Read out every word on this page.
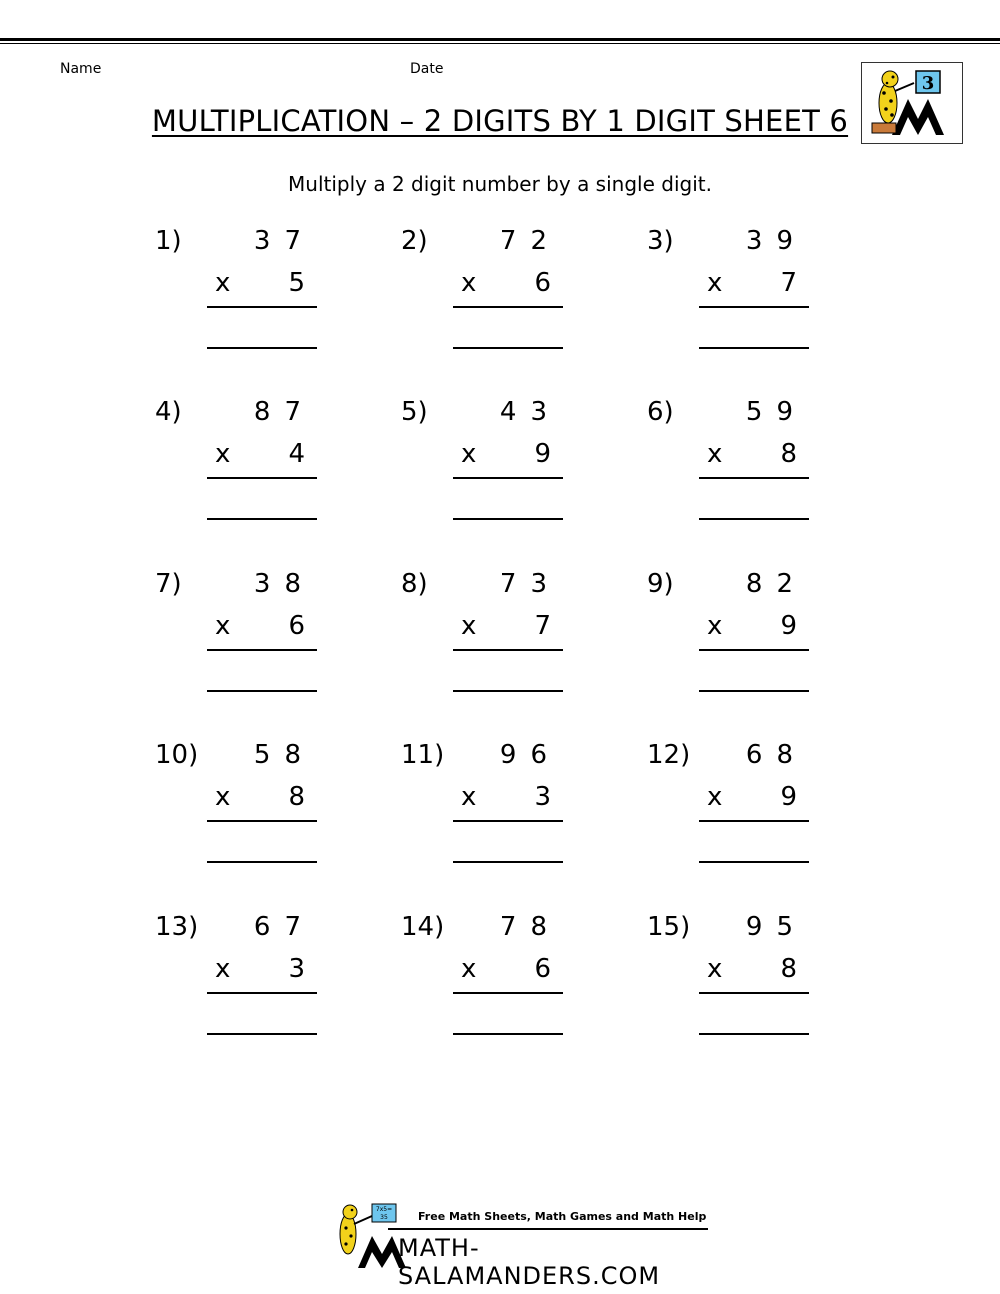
Name	Date
3
MULTIPLICATION – 2 DIGITS BY 1 DIGIT SHEET 6
Multiply a 2 digit number by a single digit.
1)	37
x	5
2)	72
x	6
3)	39
x	7
4)	87
x	4
5)	43
x	9
6)	59
x	8
7)	38
x	6
8)	73
x	7
9)	82
x	9
10)	58
x	8
11)	96
x	3
12)	68
x	9
13)	67
x	3
14)	78
x	6
15)	95
x	8
7x5=
35	Free Math Sheets, Math Games and Math Help
MATH-SALAMANDERS.COM
